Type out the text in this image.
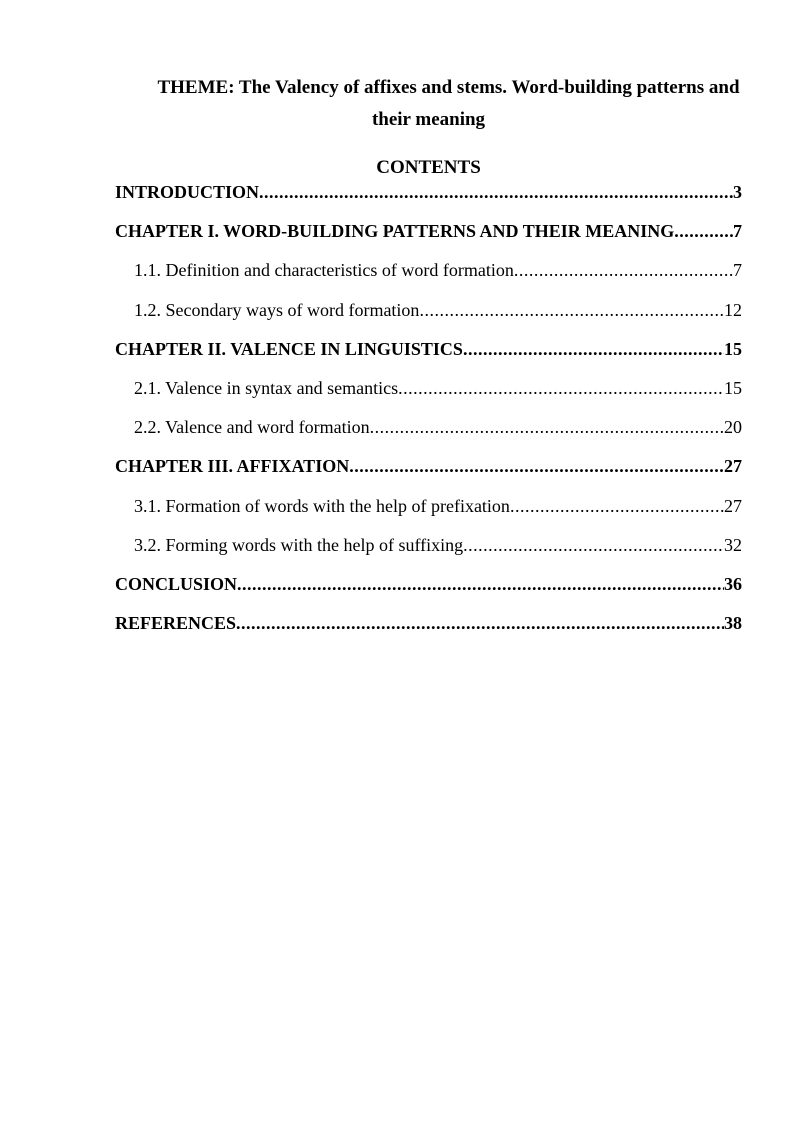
THEME: The Valency of affixes and stems. Word-building patterns and
their meaning
CONTENTS
INTRODUCTION .....	3
CHAPTER I. WORD-BUILDING PATTERNS AND THEIR MEANING .....	7
1.1. Definition and characteristics of word formation .....	7
1.2. Secondary ways of word formation .....	12
CHAPTER II. VALENCE IN LINGUISTICS .....	15
2.1. Valence in syntax and semantics .....	15
2.2. Valence and word formation .....	20
CHAPTER III. AFFIXATION .....	27
3.1. Formation of words with the help of prefixation .....	27
3.2. Forming words with the help of suffixing .....	32
CONCLUSION .....	36
REFERENCES .....	38
